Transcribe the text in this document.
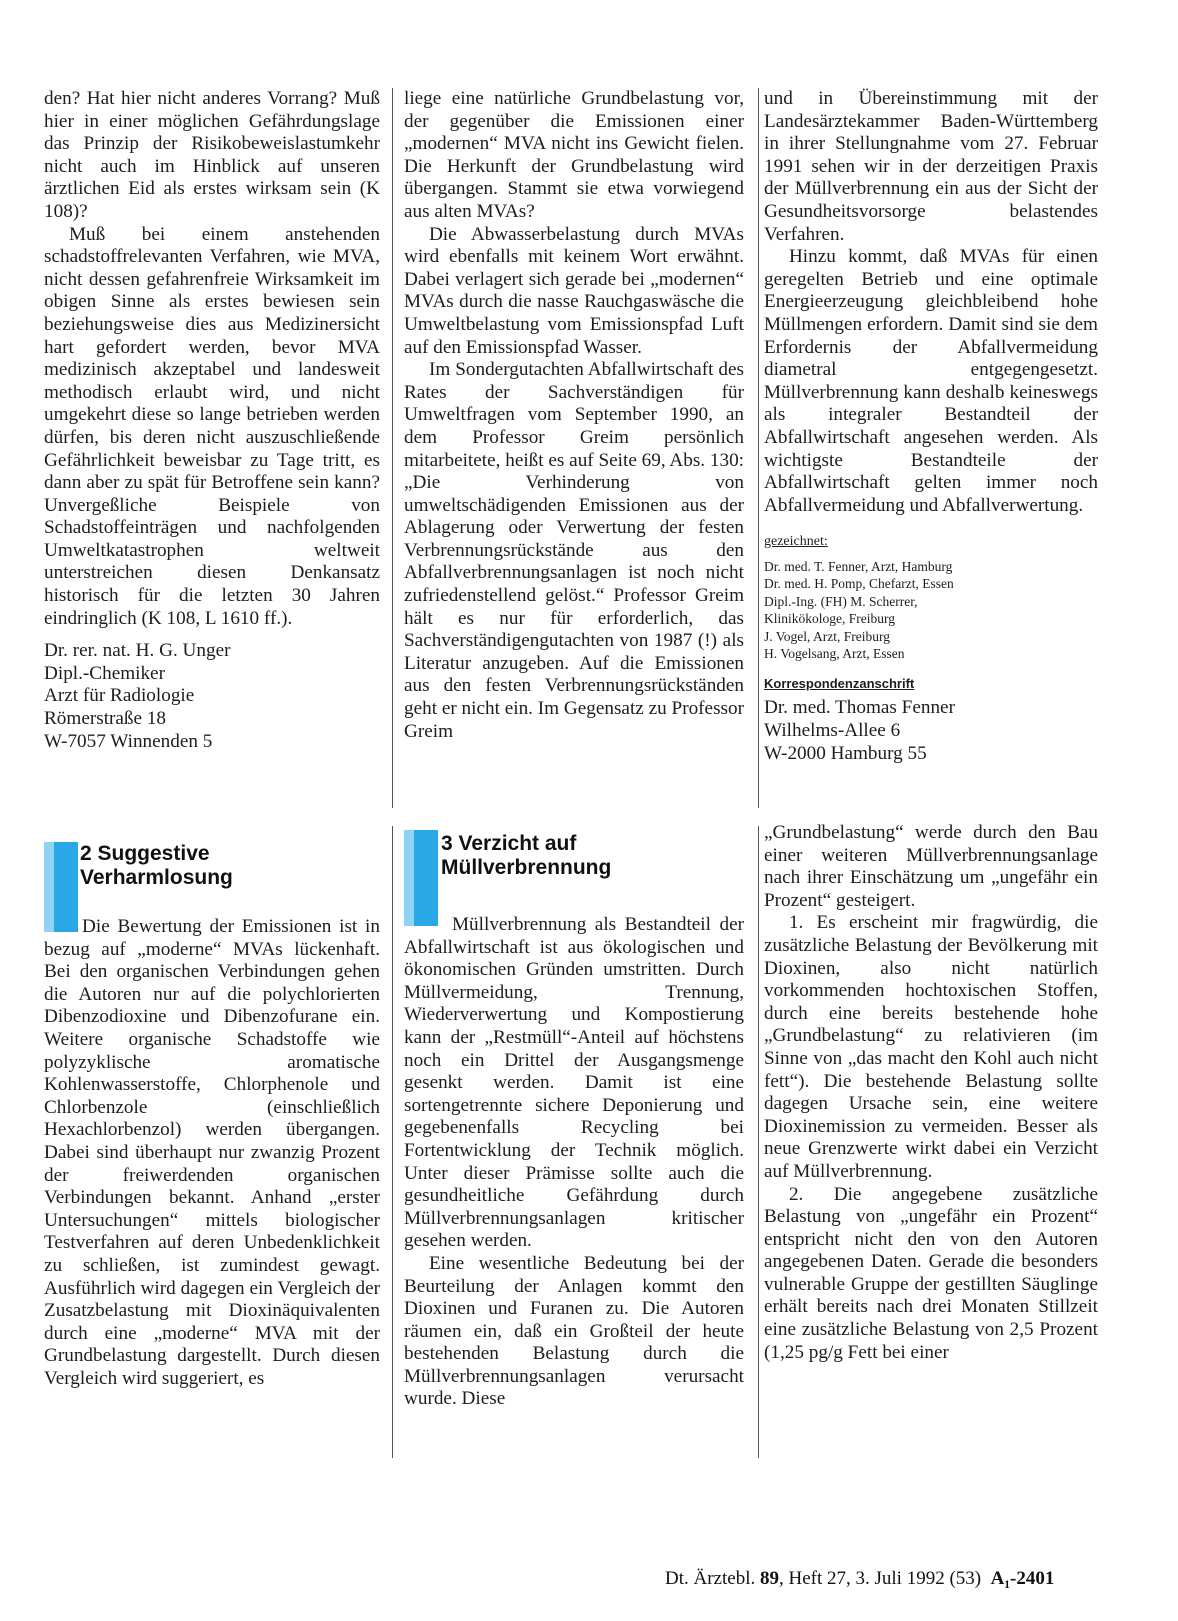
den? Hat hier nicht anderes Vorrang? Muß hier in einer möglichen Gefährdungslage das Prinzip der Risikobeweislastumkehr nicht auch im Hinblick auf unseren ärztlichen Eid als erstes wirksam sein (K 108)?

Muß bei einem anstehenden schadstoffrelevanten Verfahren, wie MVA, nicht dessen gefahrenfreie Wirksamkeit im obigen Sinne als erstes bewiesen sein beziehungsweise dies aus Medizinersicht hart gefordert werden, bevor MVA medizinisch akzeptabel und landesweit methodisch erlaubt wird, und nicht umgekehrt diese so lange betrieben werden dürfen, bis deren nicht auszuschließende Gefährlichkeit beweisbar zu Tage tritt, es dann aber zu spät für Betroffene sein kann? Unvergeßliche Beispiele von Schadstoffeinträgen und nachfolgenden Umweltkatastrophen weltweit unterstreichen diesen Denkansatz historisch für die letzten 30 Jahren eindringlich (K 108, L 1610 ff.).

Dr. rer. nat. H. G. Unger
Dipl.-Chemiker
Arzt für Radiologie
Römerstraße 18
W-7057 Winnenden 5

liege eine natürliche Grundbelastung vor, der gegenüber die Emissionen einer „modernen“ MVA nicht ins Gewicht fielen. Die Herkunft der Grundbelastung wird übergangen. Stammt sie etwa vorwiegend aus alten MVAs?

Die Abwasserbelastung durch MVAs wird ebenfalls mit keinem Wort erwähnt. Dabei verlagert sich gerade bei „modernen“ MVAs durch die nasse Rauchgaswäsche die Umweltbelastung vom Emissionspfad Luft auf den Emissionspfad Wasser.

Im Sondergutachten Abfallwirtschaft des Rates der Sachverständigen für Umweltfragen vom September 1990, an dem Professor Greim persönlich mitarbeitete, heißt es auf Seite 69, Abs. 130: „Die Verhinderung von umweltschädigenden Emissionen aus der Ablagerung oder Verwertung der festen Verbrennungsrückstände aus den Abfallverbrennungsanlagen ist noch nicht zufriedenstellend gelöst.“ Professor Greim hält es nur für erforderlich, das Sachverständigengutachten von 1987 (!) als Literatur anzugeben. Auf die Emissionen aus den festen Verbrennungsrückständen geht er nicht ein. Im Gegensatz zu Professor Greim

und in Übereinstimmung mit der Landesärztekammer Baden-Württemberg in ihrer Stellungnahme vom 27. Februar 1991 sehen wir in der derzeitigen Praxis der Müllverbrennung ein aus der Sicht der Gesundheitsvorsorge belastendes Verfahren.

Hinzu kommt, daß MVAs für einen geregelten Betrieb und eine optimale Energieerzeugung gleichbleibend hohe Müllmengen erfordern. Damit sind sie dem Erfordernis der Abfallvermeidung diametral entgegengesetzt. Müllverbrennung kann deshalb keineswegs als integraler Bestandteil der Abfallwirtschaft angesehen werden. Als wichtigste Bestandteile der Abfallwirtschaft gelten immer noch Abfallvermeidung und Abfallverwertung.

gezeichnet:
Dr. med. T. Fenner, Arzt, Hamburg
Dr. med. H. Pomp, Chefarzt, Essen
Dipl.-Ing. (FH) M. Scherrer,
Klinikökologe, Freiburg
J. Vogel, Arzt, Freiburg
H. Vogelsang, Arzt, Essen
Korrespondenzanschrift
Dr. med. Thomas Fenner
Wilhelms-Allee 6
W-2000 Hamburg 55
2 Suggestive
Verharmlosung

Die Bewertung der Emissionen ist in bezug auf „moderne“ MVAs lückenhaft. Bei den organischen Verbindungen gehen die Autoren nur auf die polychlorierten Dibenzodioxine und Dibenzofurane ein. Weitere organische Schadstoffe wie polyzyklische aromatische Kohlenwasserstoffe, Chlorphenole und Chlorbenzole (einschließlich Hexachlorbenzol) werden übergangen. Dabei sind überhaupt nur zwanzig Prozent der freiwerdenden organischen Verbindungen bekannt. Anhand „erster Untersuchungen“ mittels biologischer Testverfahren auf deren Unbedenklichkeit zu schließen, ist zumindest gewagt. Ausführlich wird dagegen ein Vergleich der Zusatzbelastung mit Dioxinäquivalenten durch eine „moderne“ MVA mit der Grundbelastung dargestellt. Durch diesen Vergleich wird suggeriert, es

3 Verzicht auf
Müllverbrennung

Müllverbrennung als Bestandteil der Abfallwirtschaft ist aus ökologischen und ökonomischen Gründen umstritten. Durch Müllvermeidung, Trennung, Wiederverwertung und Kompostierung kann der „Restmüll“-Anteil auf höchstens noch ein Drittel der Ausgangsmenge gesenkt werden. Damit ist eine sortengetrennte sichere Deponierung und gegebenenfalls Recycling bei Fortentwicklung der Technik möglich. Unter dieser Prämisse sollte auch die gesundheitliche Gefährdung durch Müllverbrennungsanlagen kritischer gesehen werden.

Eine wesentliche Bedeutung bei der Beurteilung der Anlagen kommt den Dioxinen und Furanen zu. Die Autoren räumen ein, daß ein Großteil der heute bestehenden Belastung durch die Müllverbrennungsanlagen verursacht wurde. Diese

„Grundbelastung“ werde durch den Bau einer weiteren Müllverbrennungsanlage nach ihrer Einschätzung um „ungefähr ein Prozent“ gesteigert.

1. Es erscheint mir fragwürdig, die zusätzliche Belastung der Bevölkerung mit Dioxinen, also nicht natürlich vorkommenden hochtoxischen Stoffen, durch eine bereits bestehende hohe „Grundbelastung“ zu relativieren (im Sinne von „das macht den Kohl auch nicht fett“). Die bestehende Belastung sollte dagegen Ursache sein, eine weitere Dioxinemission zu vermeiden. Besser als neue Grenzwerte wirkt dabei ein Verzicht auf Müllverbrennung.

2. Die angegebene zusätzliche Belastung von „ungefähr ein Prozent“ entspricht nicht den von den Autoren angegebenen Daten. Gerade die besonders vulnerable Gruppe der gestillten Säuglinge erhält bereits nach drei Monaten Stillzeit eine zusätzliche Belastung von 2,5 Prozent (1,25 pg/g Fett bei einer

Dt. Ärztebl. 89, Heft 27, 3. Juli 1992 (53) A₁-2401
